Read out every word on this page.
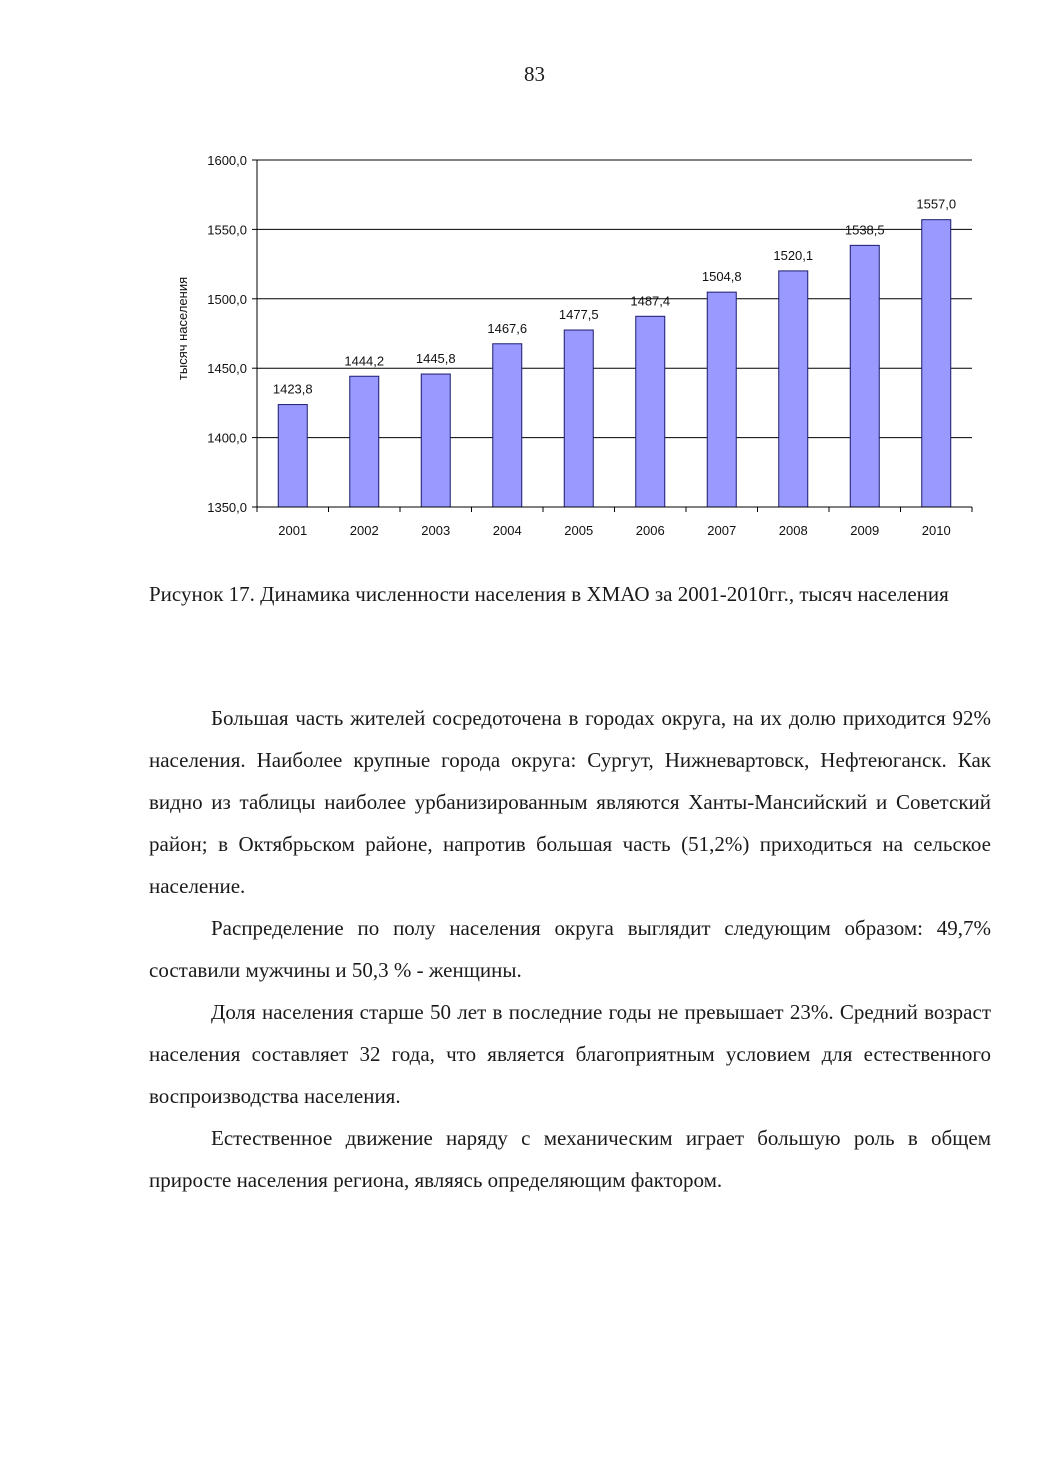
83
1350,0
1400,0
1450,0
1500,0
1550,0
1600,0
1423,8
2001
1444,2
2002
1445,8
2003
1467,6
2004
1477,5
2005
1487,4
2006
1504,8
2007
1520,1
2008
1538,5
2009
1557,0
2010
тысяч населения
Рисунок 17. Динамика численности населения в ХМАО за 2001-2010гг., тысяч населения

Большая часть жителей сосредоточена в городах округа, на их долю приходится 92% населения. Наиболее крупные города округа: Сургут, Нижневартовск, Нефтеюганск. Как видно из таблицы наиболее урбанизированным являются Ханты-Мансийский и Советский район; в Октябрьском районе, напротив большая часть (51,2%) приходиться на сельское население.

Распределение по полу населения округа выглядит следующим образом: 49,7% составили мужчины и 50,3 % - женщины.

Доля населения старше 50 лет в последние годы не превышает 23%. Средний возраст населения составляет 32 года, что является благоприятным условием для естественного воспроизводства населения.

Естественное движение наряду с механическим играет большую роль в общем приросте населения региона, являясь определяющим фактором.
